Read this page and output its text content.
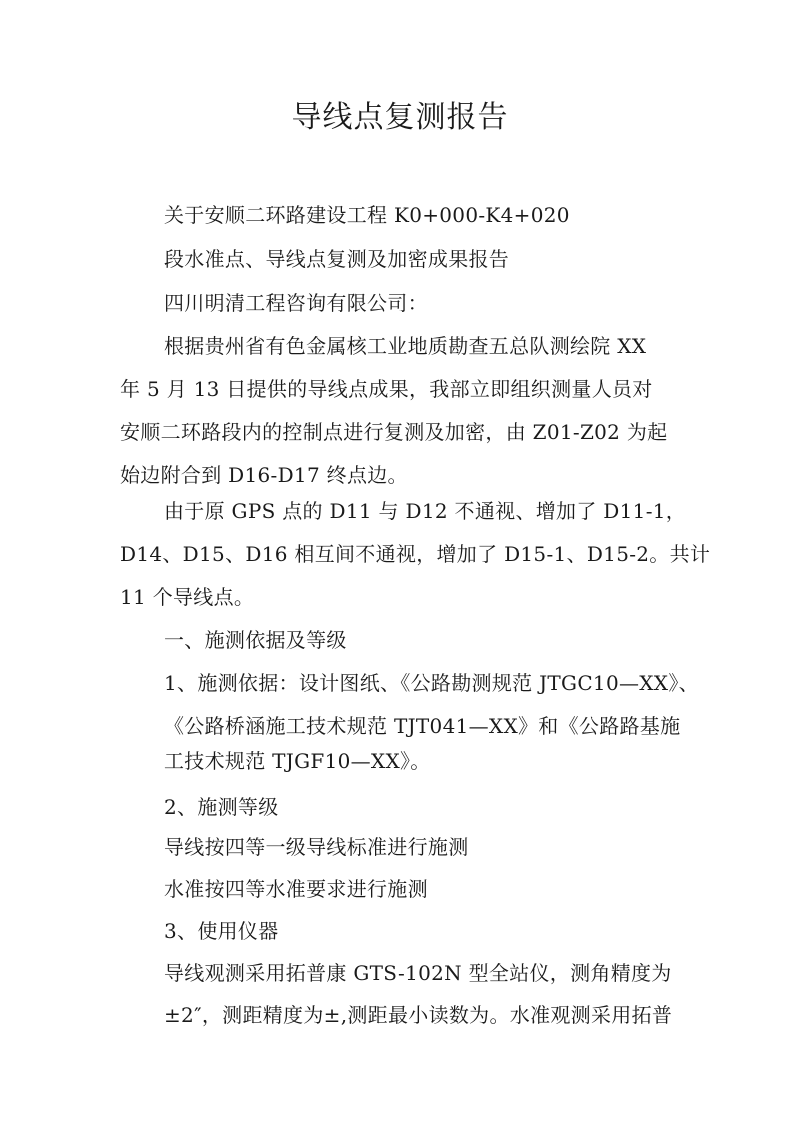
导线点复测报告
关于安顺二环路建设工程 K0+000-K4+020
段水准点、导线点复测及加密成果报告
四川明清工程咨询有限公司：
根据贵州省有色金属核工业地质勘查五总队测绘院 XX
年 5 月 13 日提供的导线点成果，我部立即组织测量人员对
安顺二环路段内的控制点进行复测及加密，由 Z01-Z02 为起
始边附合到 D16-D17 终点边。
由于原 GPS 点的 D11 与 D12 不通视、增加了 D11-1，
D14、D15、D16 相互间不通视，增加了 D15-1、D15-2。共计
11 个导线点。
一、施测依据及等级
1、施测依据：设计图纸、《公路勘测规范 JTGC10—XX》、
《公路桥涵施工技术规范 TJT041—XX》和《公路路基施
工技术规范 TJGF10—XX》。
2、施测等级
导线按四等一级导线标准进行施测
水准按四等水准要求进行施测
3、使用仪器
导线观测采用拓普康 GTS-102N 型全站仪，测角精度为
±2″，测距精度为±,测距最小读数为。水准观测采用拓普
